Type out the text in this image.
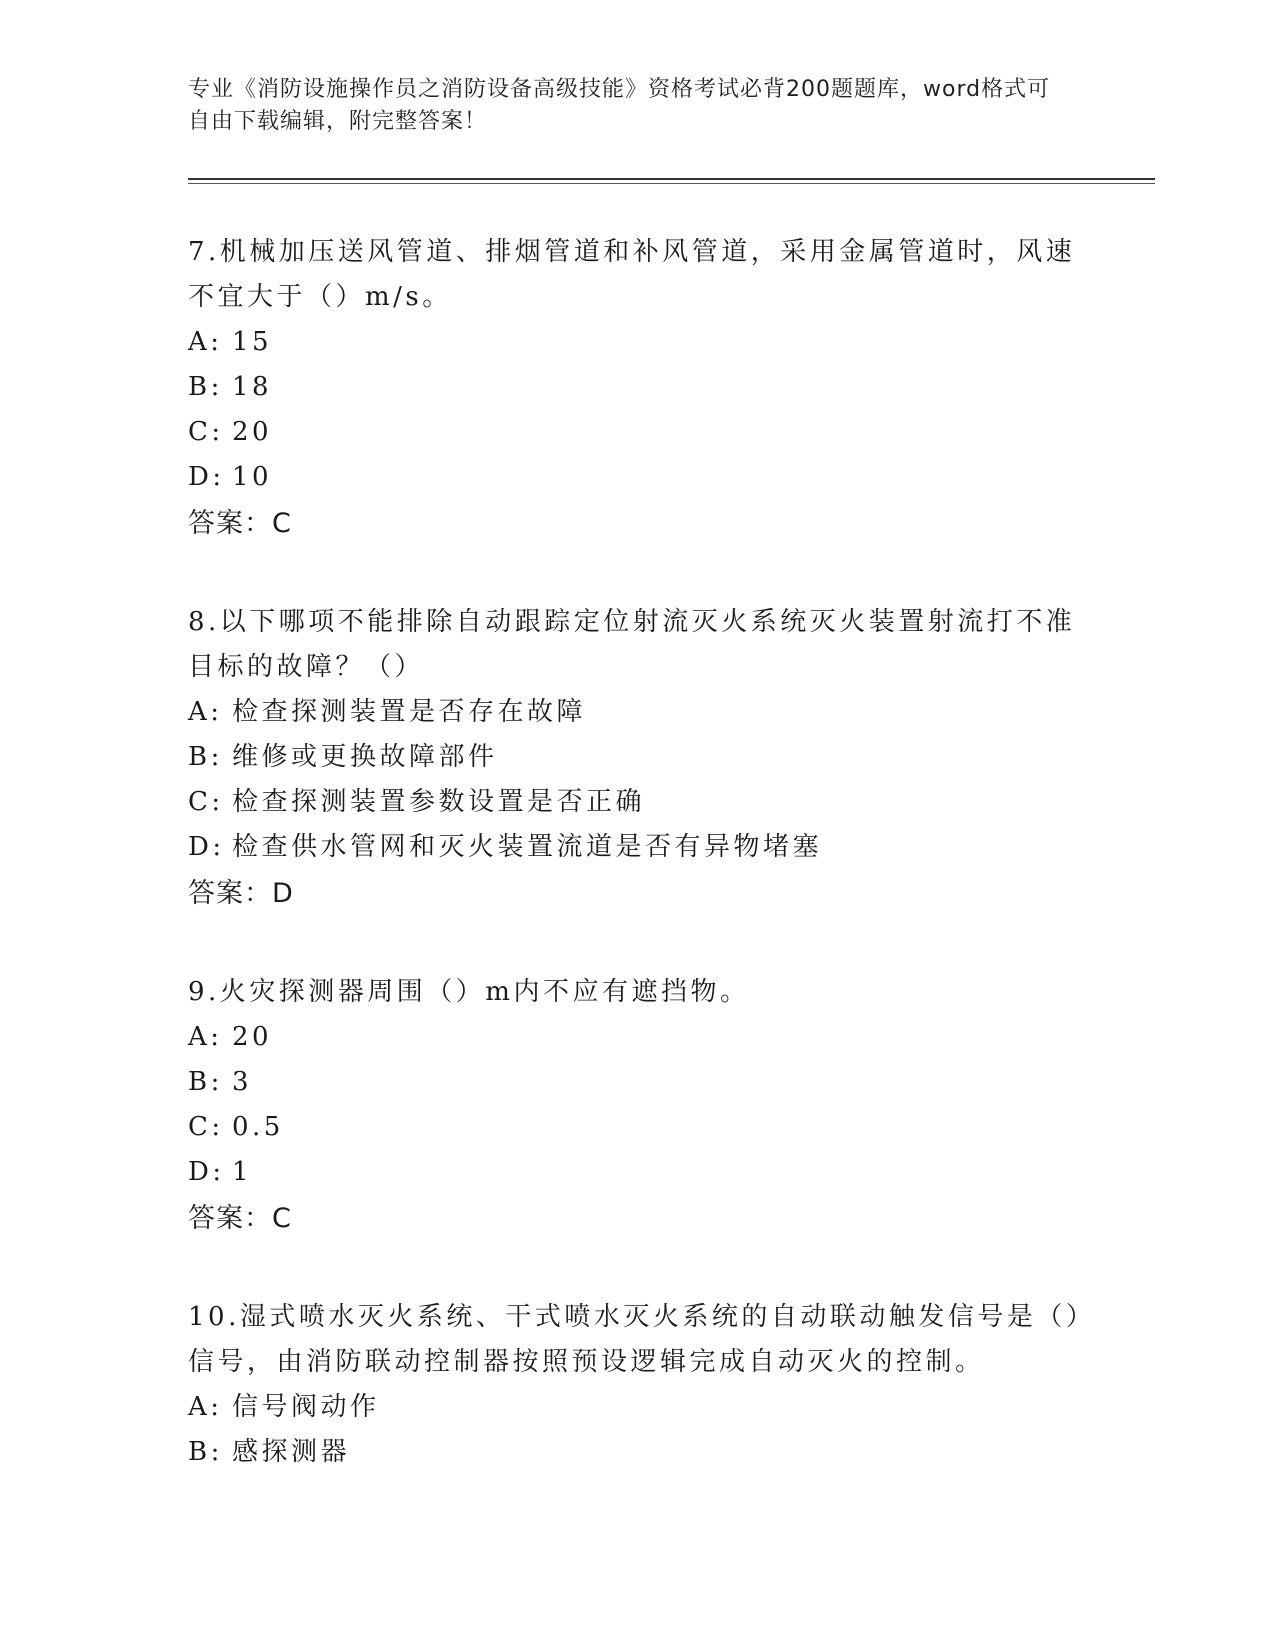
专业《消防设施操作员之消防设备高级技能》资格考试必背200题题库，word格式可自由下载编辑，附完整答案！

7.机械加压送风管道、排烟管道和补风管道，采用金属管道时，风速不宜大于（）m/s。

A: 15

B: 18

C: 20

D: 10

答案：C

8.以下哪项不能排除自动跟踪定位射流灭火系统灭火装置射流打不准目标的故障？（）

A: 检查探测装置是否存在故障

B: 维修或更换故障部件

C: 检查探测装置参数设置是否正确

D: 检查供水管网和灭火装置流道是否有异物堵塞

答案：D

9.火灾探测器周围（）m内不应有遮挡物。

A: 20

B: 3

C: 0.5

D: 1

答案：C

10.湿式喷水灭火系统、干式喷水灭火系统的自动联动触发信号是（）信号，由消防联动控制器按照预设逻辑完成自动灭火的控制。

A: 信号阀动作

B: 感探测器
